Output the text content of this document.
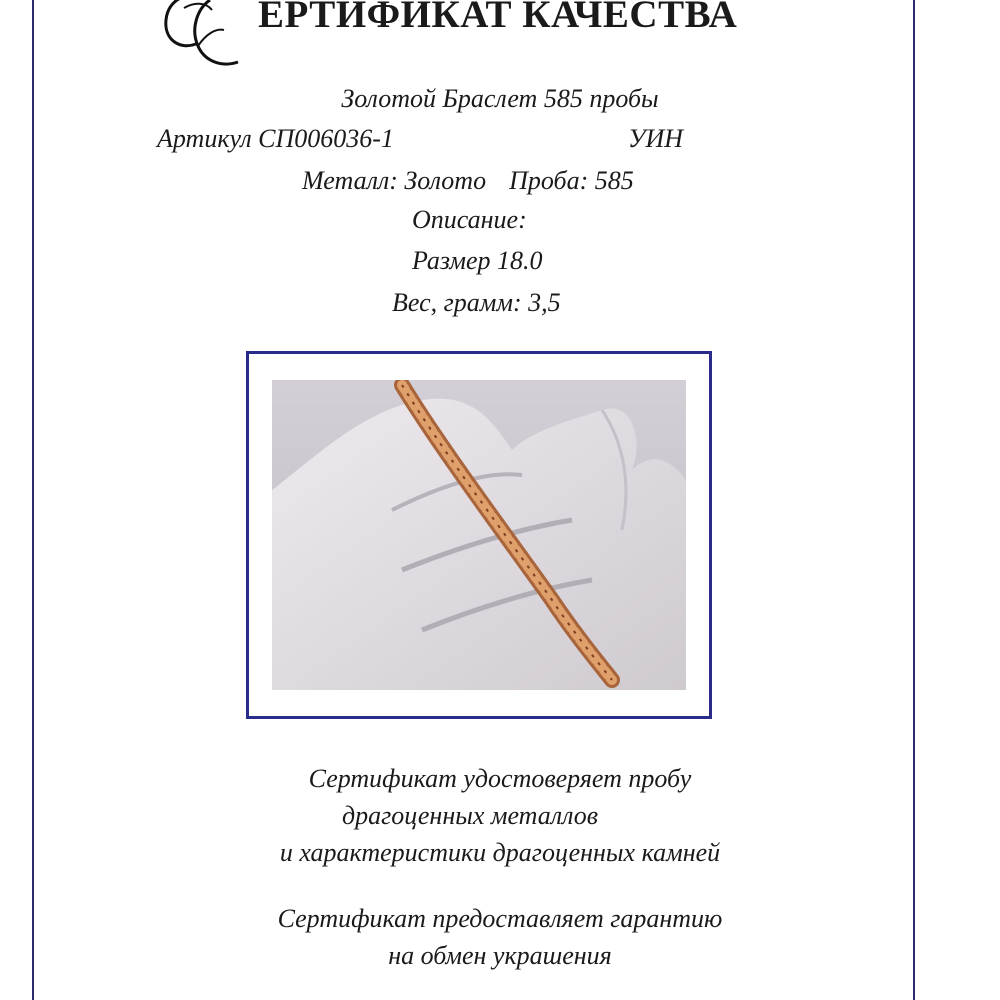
ЕРТИФИКАТ КАЧЕСТВА
Золотой Браслет 585 пробы
Артикул СП006036-1	УИН
Металл: Золото Проба: 585
Описание:
Размер 18.0
Вес, грамм: 3,5
Сертификат удостоверяет пробу
драгоценных металлов
и характеристики драгоценных камней
Сертификат предоставляет гарантию
на обмен украшения
